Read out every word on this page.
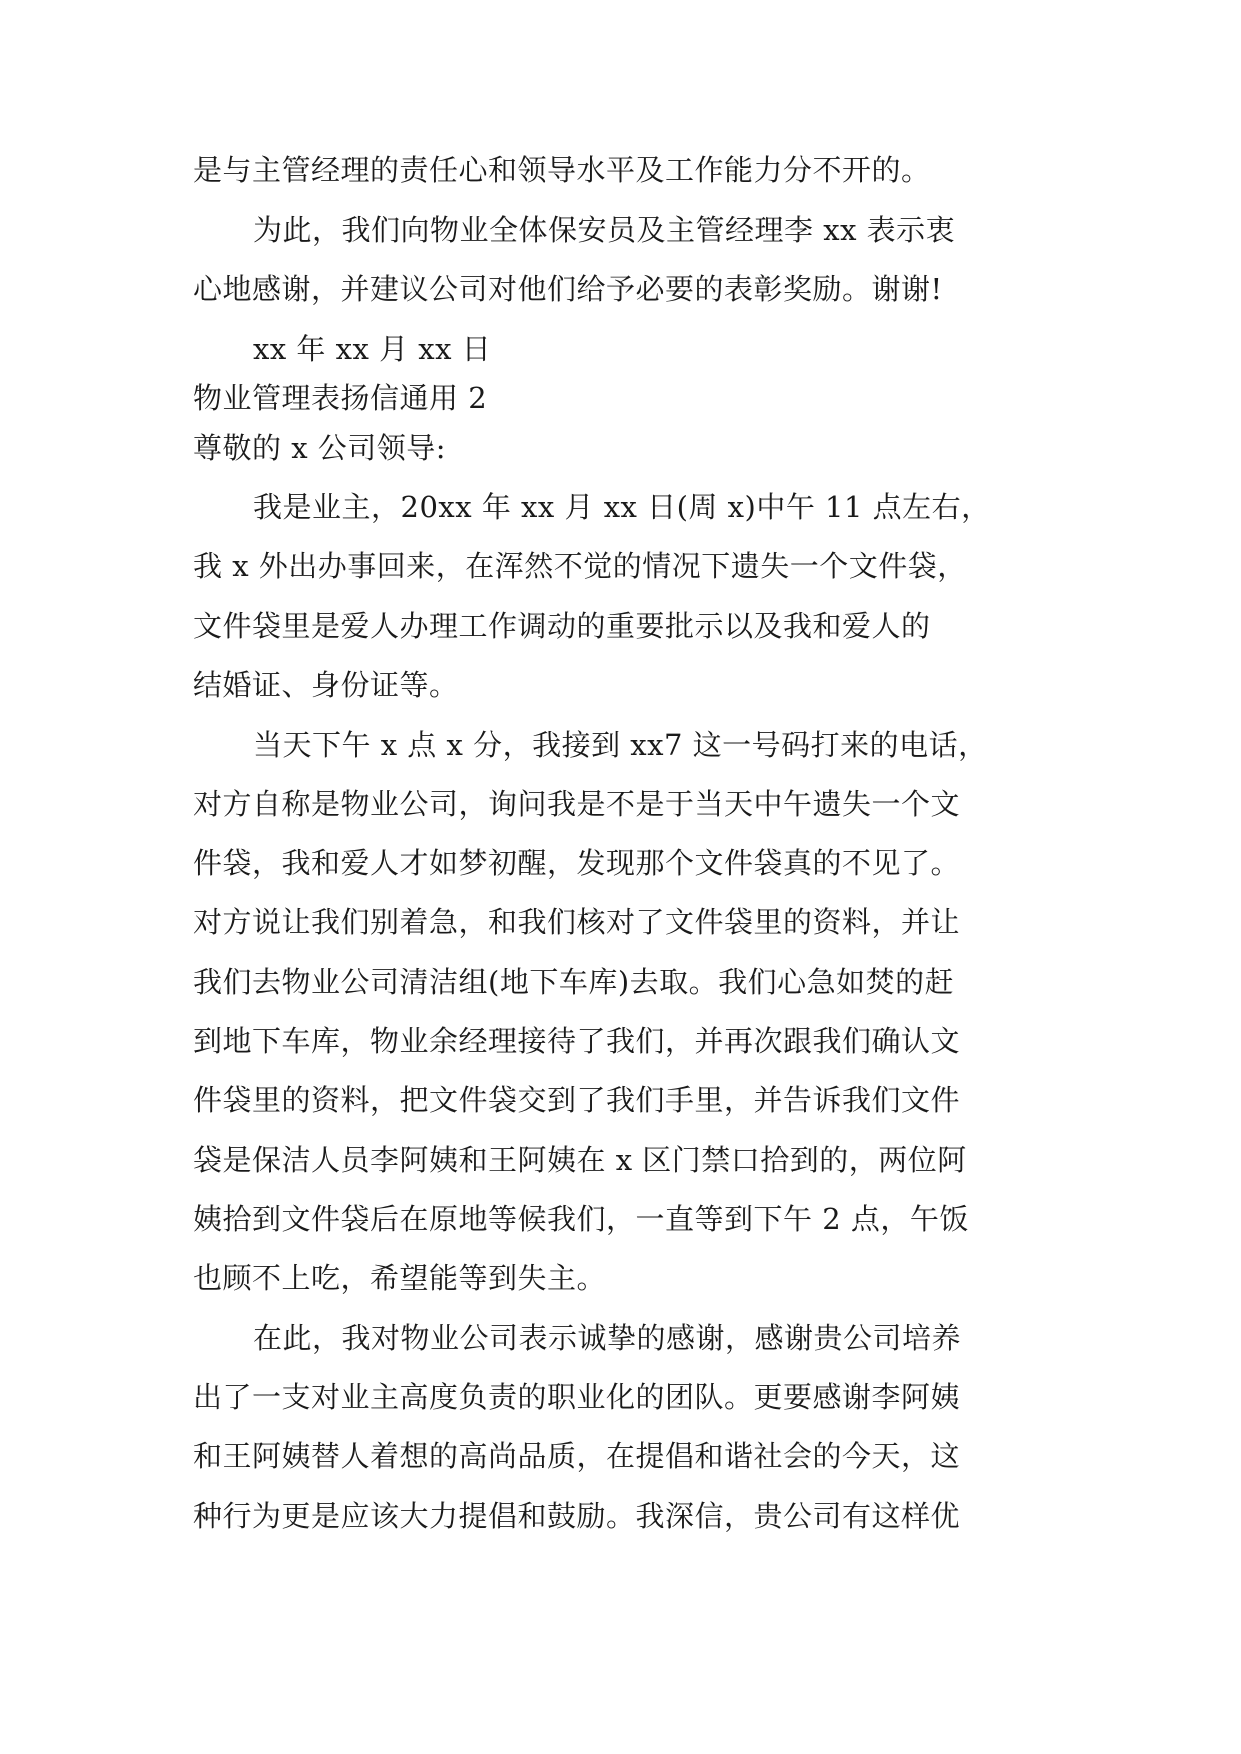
是与主管经理的责任心和领导水平及工作能力分不开的。
为此，我们向物业全体保安员及主管经理李 xx 表示衷
心地感谢，并建议公司对他们给予必要的表彰奖励。谢谢!
xx 年 xx 月 xx 日
物业管理表扬信通用 2
尊敬的 x 公司领导:
我是业主，20xx 年 xx 月 xx 日(周 x)中午 11 点左右，
我 x 外出办事回来，在浑然不觉的情况下遗失一个文件袋，
文件袋里是爱人办理工作调动的重要批示以及我和爱人的
结婚证、身份证等。
当天下午 x 点 x 分，我接到 xx7 这一号码打来的电话，
对方自称是物业公司，询问我是不是于当天中午遗失一个文
件袋，我和爱人才如梦初醒，发现那个文件袋真的不见了。
对方说让我们别着急，和我们核对了文件袋里的资料，并让
我们去物业公司清洁组(地下车库)去取。我们心急如焚的赶
到地下车库，物业余经理接待了我们，并再次跟我们确认文
件袋里的资料，把文件袋交到了我们手里，并告诉我们文件
袋是保洁人员李阿姨和王阿姨在 x 区门禁口拾到的，两位阿
姨拾到文件袋后在原地等候我们，一直等到下午 2 点，午饭
也顾不上吃，希望能等到失主。
在此，我对物业公司表示诚挚的感谢，感谢贵公司培养
出了一支对业主高度负责的职业化的团队。更要感谢李阿姨
和王阿姨替人着想的高尚品质，在提倡和谐社会的今天，这
种行为更是应该大力提倡和鼓励。我深信，贵公司有这样优
